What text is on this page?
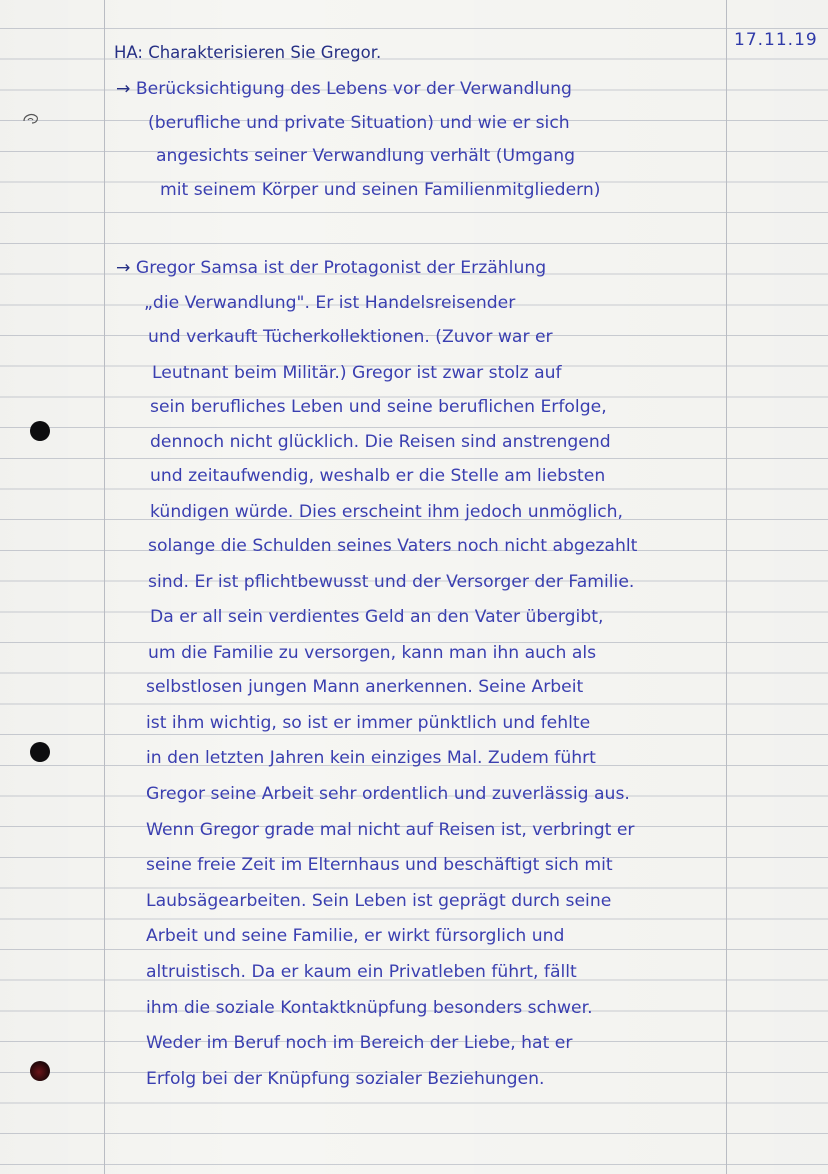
17.11.19

HA: Charakterisieren Sie Gregor.

→ Berücksichtigung des Lebens vor der Verwandlung

(berufliche und private Situation) und wie er sich

angesichts seiner Verwandlung verhält (Umgang

mit seinem Körper und seinen Familienmitgliedern)

→ Gregor Samsa ist der Protagonist der Erzählung

„die Verwandlung". Er ist Handelsreisender

und verkauft Tücherkollektionen. (Zuvor war er

Leutnant beim Militär.) Gregor ist zwar stolz auf

sein berufliches Leben und seine beruflichen Erfolge,

dennoch nicht glücklich. Die Reisen sind anstrengend

und zeitaufwendig, weshalb er die Stelle am liebsten

kündigen würde. Dies erscheint ihm jedoch unmöglich,

solange die Schulden seines Vaters noch nicht abgezahlt

sind. Er ist pflichtbewusst und der Versorger der Familie.

Da er all sein verdientes Geld an den Vater übergibt,

um die Familie zu versorgen, kann man ihn auch als

selbstlosen jungen Mann anerkennen. Seine Arbeit

ist ihm wichtig, so ist er immer pünktlich und fehlte

in den letzten Jahren kein einziges Mal. Zudem führt

Gregor seine Arbeit sehr ordentlich und zuverlässig aus.

Wenn Gregor grade mal nicht auf Reisen ist, verbringt er

seine freie Zeit im Elternhaus und beschäftigt sich mit

Laubsägearbeiten. Sein Leben ist geprägt durch seine

Arbeit und seine Familie, er wirkt fürsorglich und

altruistisch. Da er kaum ein Privatleben führt, fällt

ihm die soziale Kontaktknüpfung besonders schwer.

Weder im Beruf noch im Bereich der Liebe, hat er

Erfolg bei der Knüpfung sozialer Beziehungen.
